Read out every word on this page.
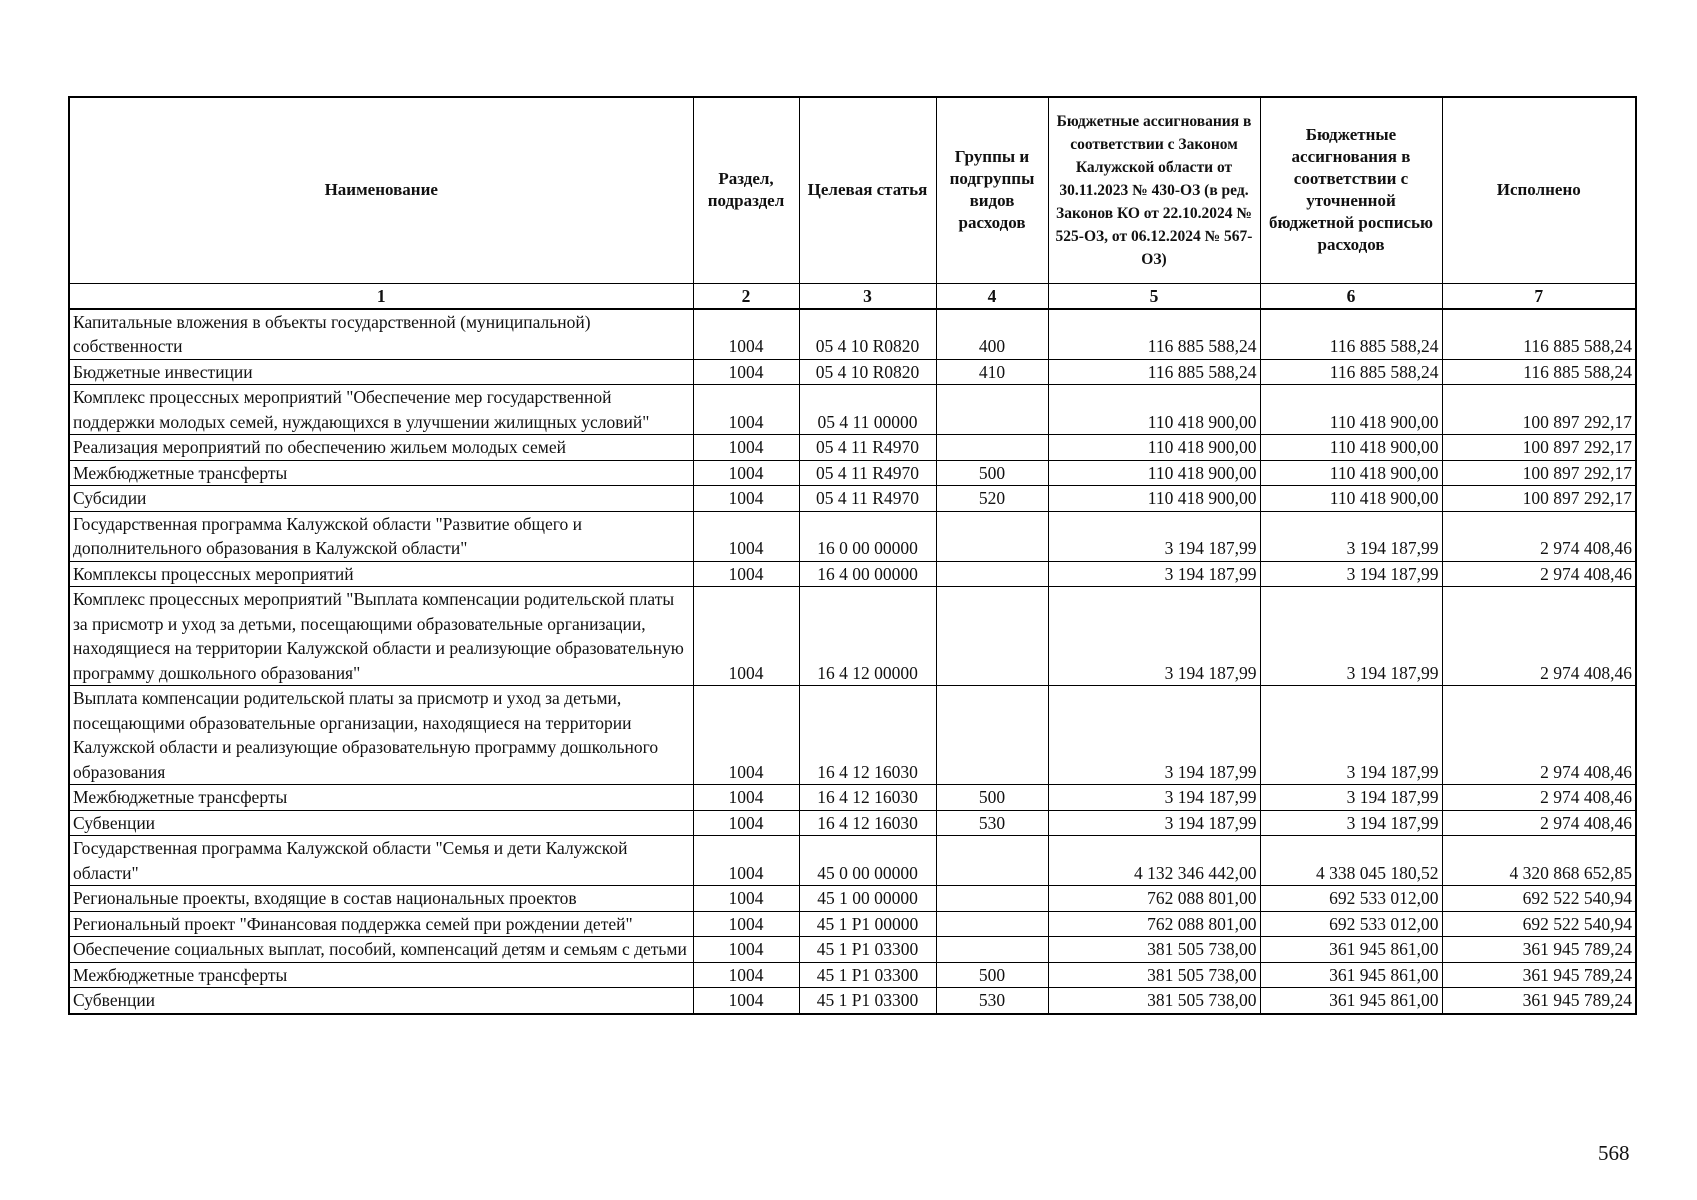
Наименование	Раздел, подраздел	Целевая статья	Группы и подгруппы видов расходов	Бюджетные ассигнования в соответствии с Законом Калужской области от 30.11.2023 № 430-ОЗ (в ред. Законов КО от 22.10.2024 № 525-ОЗ, от 06.12.2024 № 567-ОЗ)	Бюджетные ассигнования в соответствии с уточненной бюджетной росписью расходов	Исполнено
1	2	3	4	5	6	7
Капитальные вложения в объекты государственной (муниципальной) собственности	1004	05 4 10 R0820	400	116 885 588,24	116 885 588,24	116 885 588,24
Бюджетные инвестиции	1004	05 4 10 R0820	410	116 885 588,24	116 885 588,24	116 885 588,24
Комплекс процессных мероприятий "Обеспечение мер государственной поддержки молодых семей, нуждающихся в улучшении жилищных условий"	1004	05 4 11 00000		110 418 900,00	110 418 900,00	100 897 292,17
Реализация мероприятий по обеспечению жильем молодых семей	1004	05 4 11 R4970		110 418 900,00	110 418 900,00	100 897 292,17
Межбюджетные трансферты	1004	05 4 11 R4970	500	110 418 900,00	110 418 900,00	100 897 292,17
Субсидии	1004	05 4 11 R4970	520	110 418 900,00	110 418 900,00	100 897 292,17
Государственная программа Калужской области "Развитие общего и дополнительного образования в Калужской области"	1004	16 0 00 00000		3 194 187,99	3 194 187,99	2 974 408,46
Комплексы процессных мероприятий	1004	16 4 00 00000		3 194 187,99	3 194 187,99	2 974 408,46
Комплекс процессных мероприятий "Выплата компенсации родительской платы за присмотр и уход за детьми, посещающими образовательные организации, находящиеся на территории Калужской области и реализующие образовательную программу дошкольного образования"	1004	16 4 12 00000		3 194 187,99	3 194 187,99	2 974 408,46
Выплата компенсации родительской платы за присмотр и уход за детьми, посещающими образовательные организации, находящиеся на территории Калужской области и реализующие образовательную программу дошкольного образования	1004	16 4 12 16030		3 194 187,99	3 194 187,99	2 974 408,46
Межбюджетные трансферты	1004	16 4 12 16030	500	3 194 187,99	3 194 187,99	2 974 408,46
Субвенции	1004	16 4 12 16030	530	3 194 187,99	3 194 187,99	2 974 408,46
Государственная программа Калужской области "Семья и дети Калужской области"	1004	45 0 00 00000		4 132 346 442,00	4 338 045 180,52	4 320 868 652,85
Региональные проекты, входящие в состав национальных проектов	1004	45 1 00 00000		762 088 801,00	692 533 012,00	692 522 540,94
Региональный проект "Финансовая поддержка семей при рождении детей"	1004	45 1 P1 00000		762 088 801,00	692 533 012,00	692 522 540,94
Обеспечение социальных выплат, пособий, компенсаций детям и семьям с детьми	1004	45 1 P1 03300		381 505 738,00	361 945 861,00	361 945 789,24
Межбюджетные трансферты	1004	45 1 P1 03300	500	381 505 738,00	361 945 861,00	361 945 789,24
Субвенции	1004	45 1 P1 03300	530	381 505 738,00	361 945 861,00	361 945 789,24
568
